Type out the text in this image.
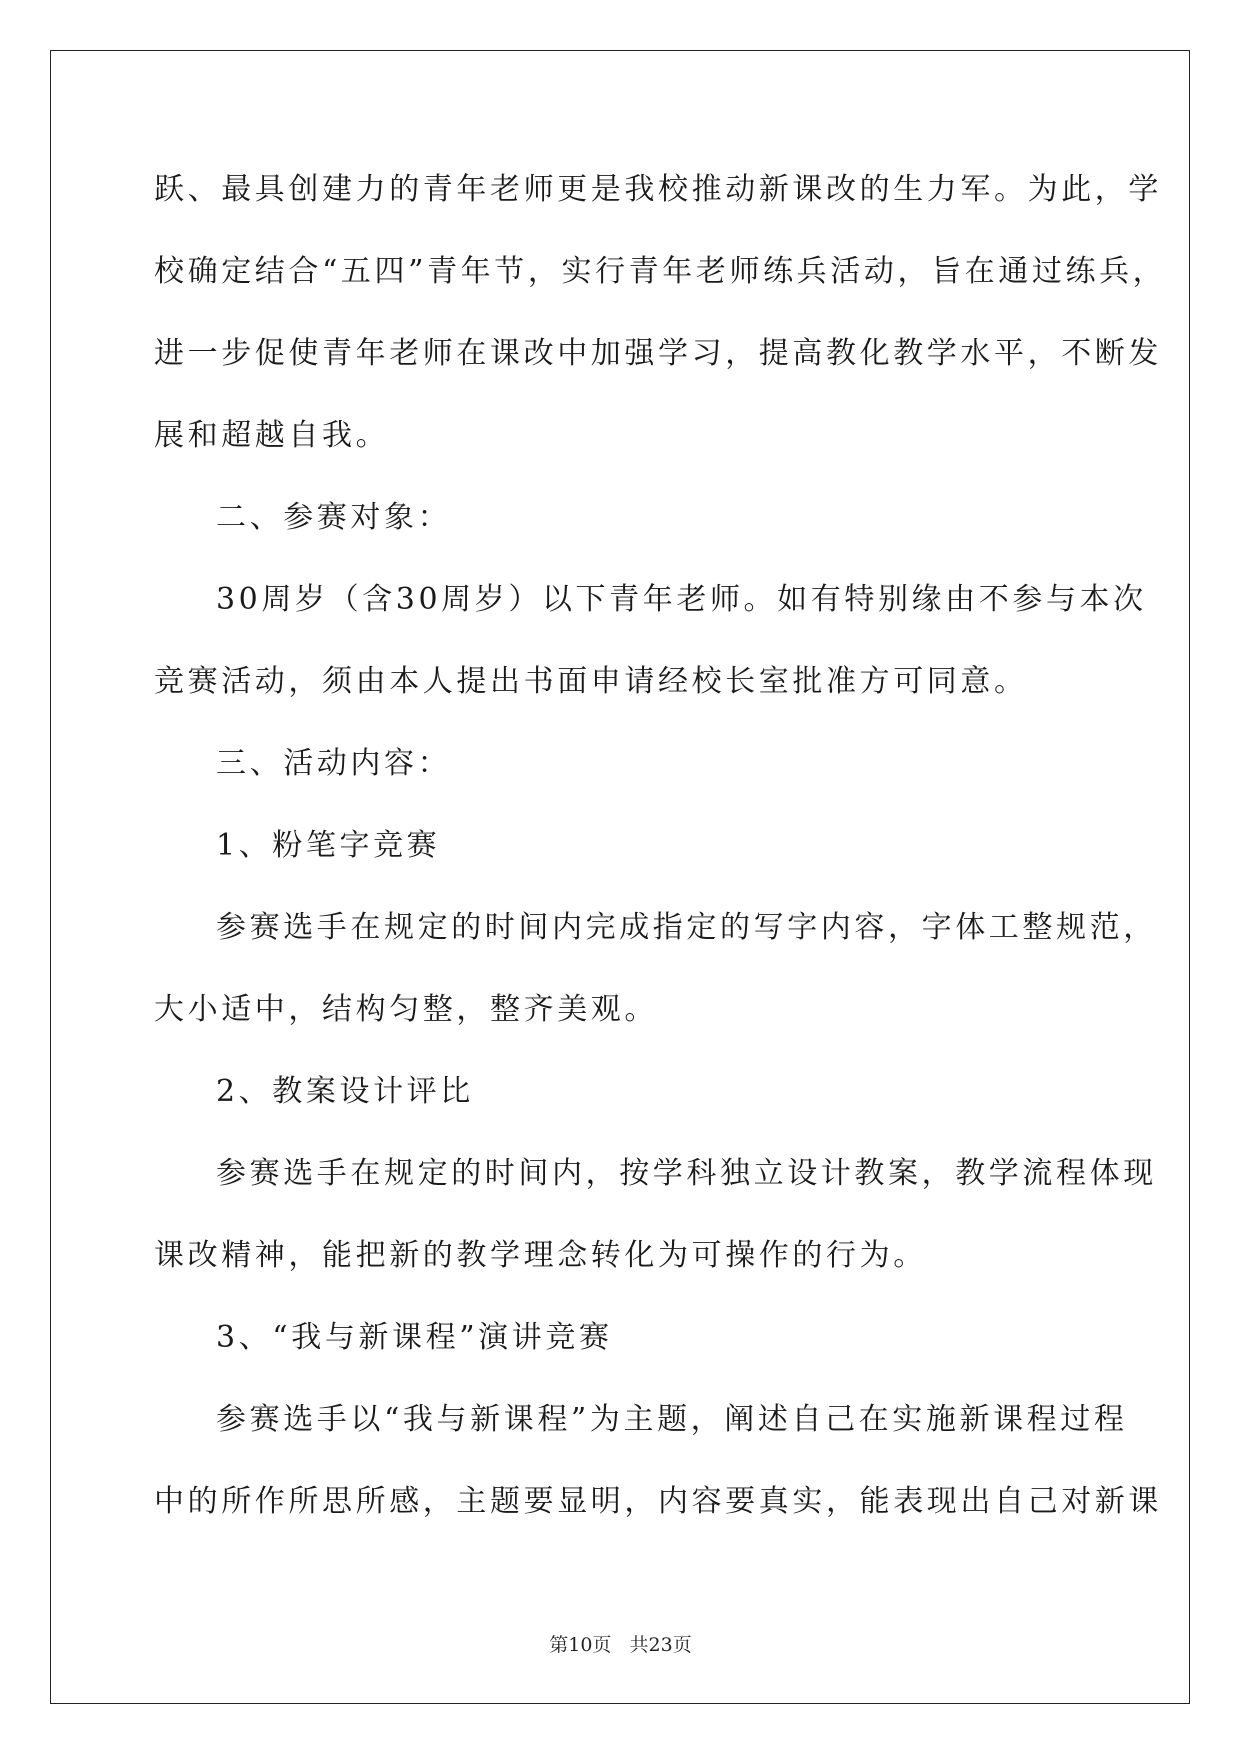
跃、最具创建力的青年老师更是我校推动新课改的生力军。为此，学
校确定结合“五四”青年节，实行青年老师练兵活动，旨在通过练兵，
进一步促使青年老师在课改中加强学习，提高教化教学水平，不断发
展和超越自我。
二、参赛对象：
30周岁（含30周岁）以下青年老师。如有特别缘由不参与本次
竞赛活动，须由本人提出书面申请经校长室批准方可同意。
三、活动内容：
1、粉笔字竞赛
参赛选手在规定的时间内完成指定的写字内容，字体工整规范，
大小适中，结构匀整，整齐美观。
2、教案设计评比
参赛选手在规定的时间内，按学科独立设计教案，教学流程体现
课改精神，能把新的教学理念转化为可操作的行为。
3、“我与新课程”演讲竞赛
参赛选手以“我与新课程”为主题，阐述自己在实施新课程过程
中的所作所思所感，主题要显明，内容要真实，能表现出自己对新课
第10页   共23页
